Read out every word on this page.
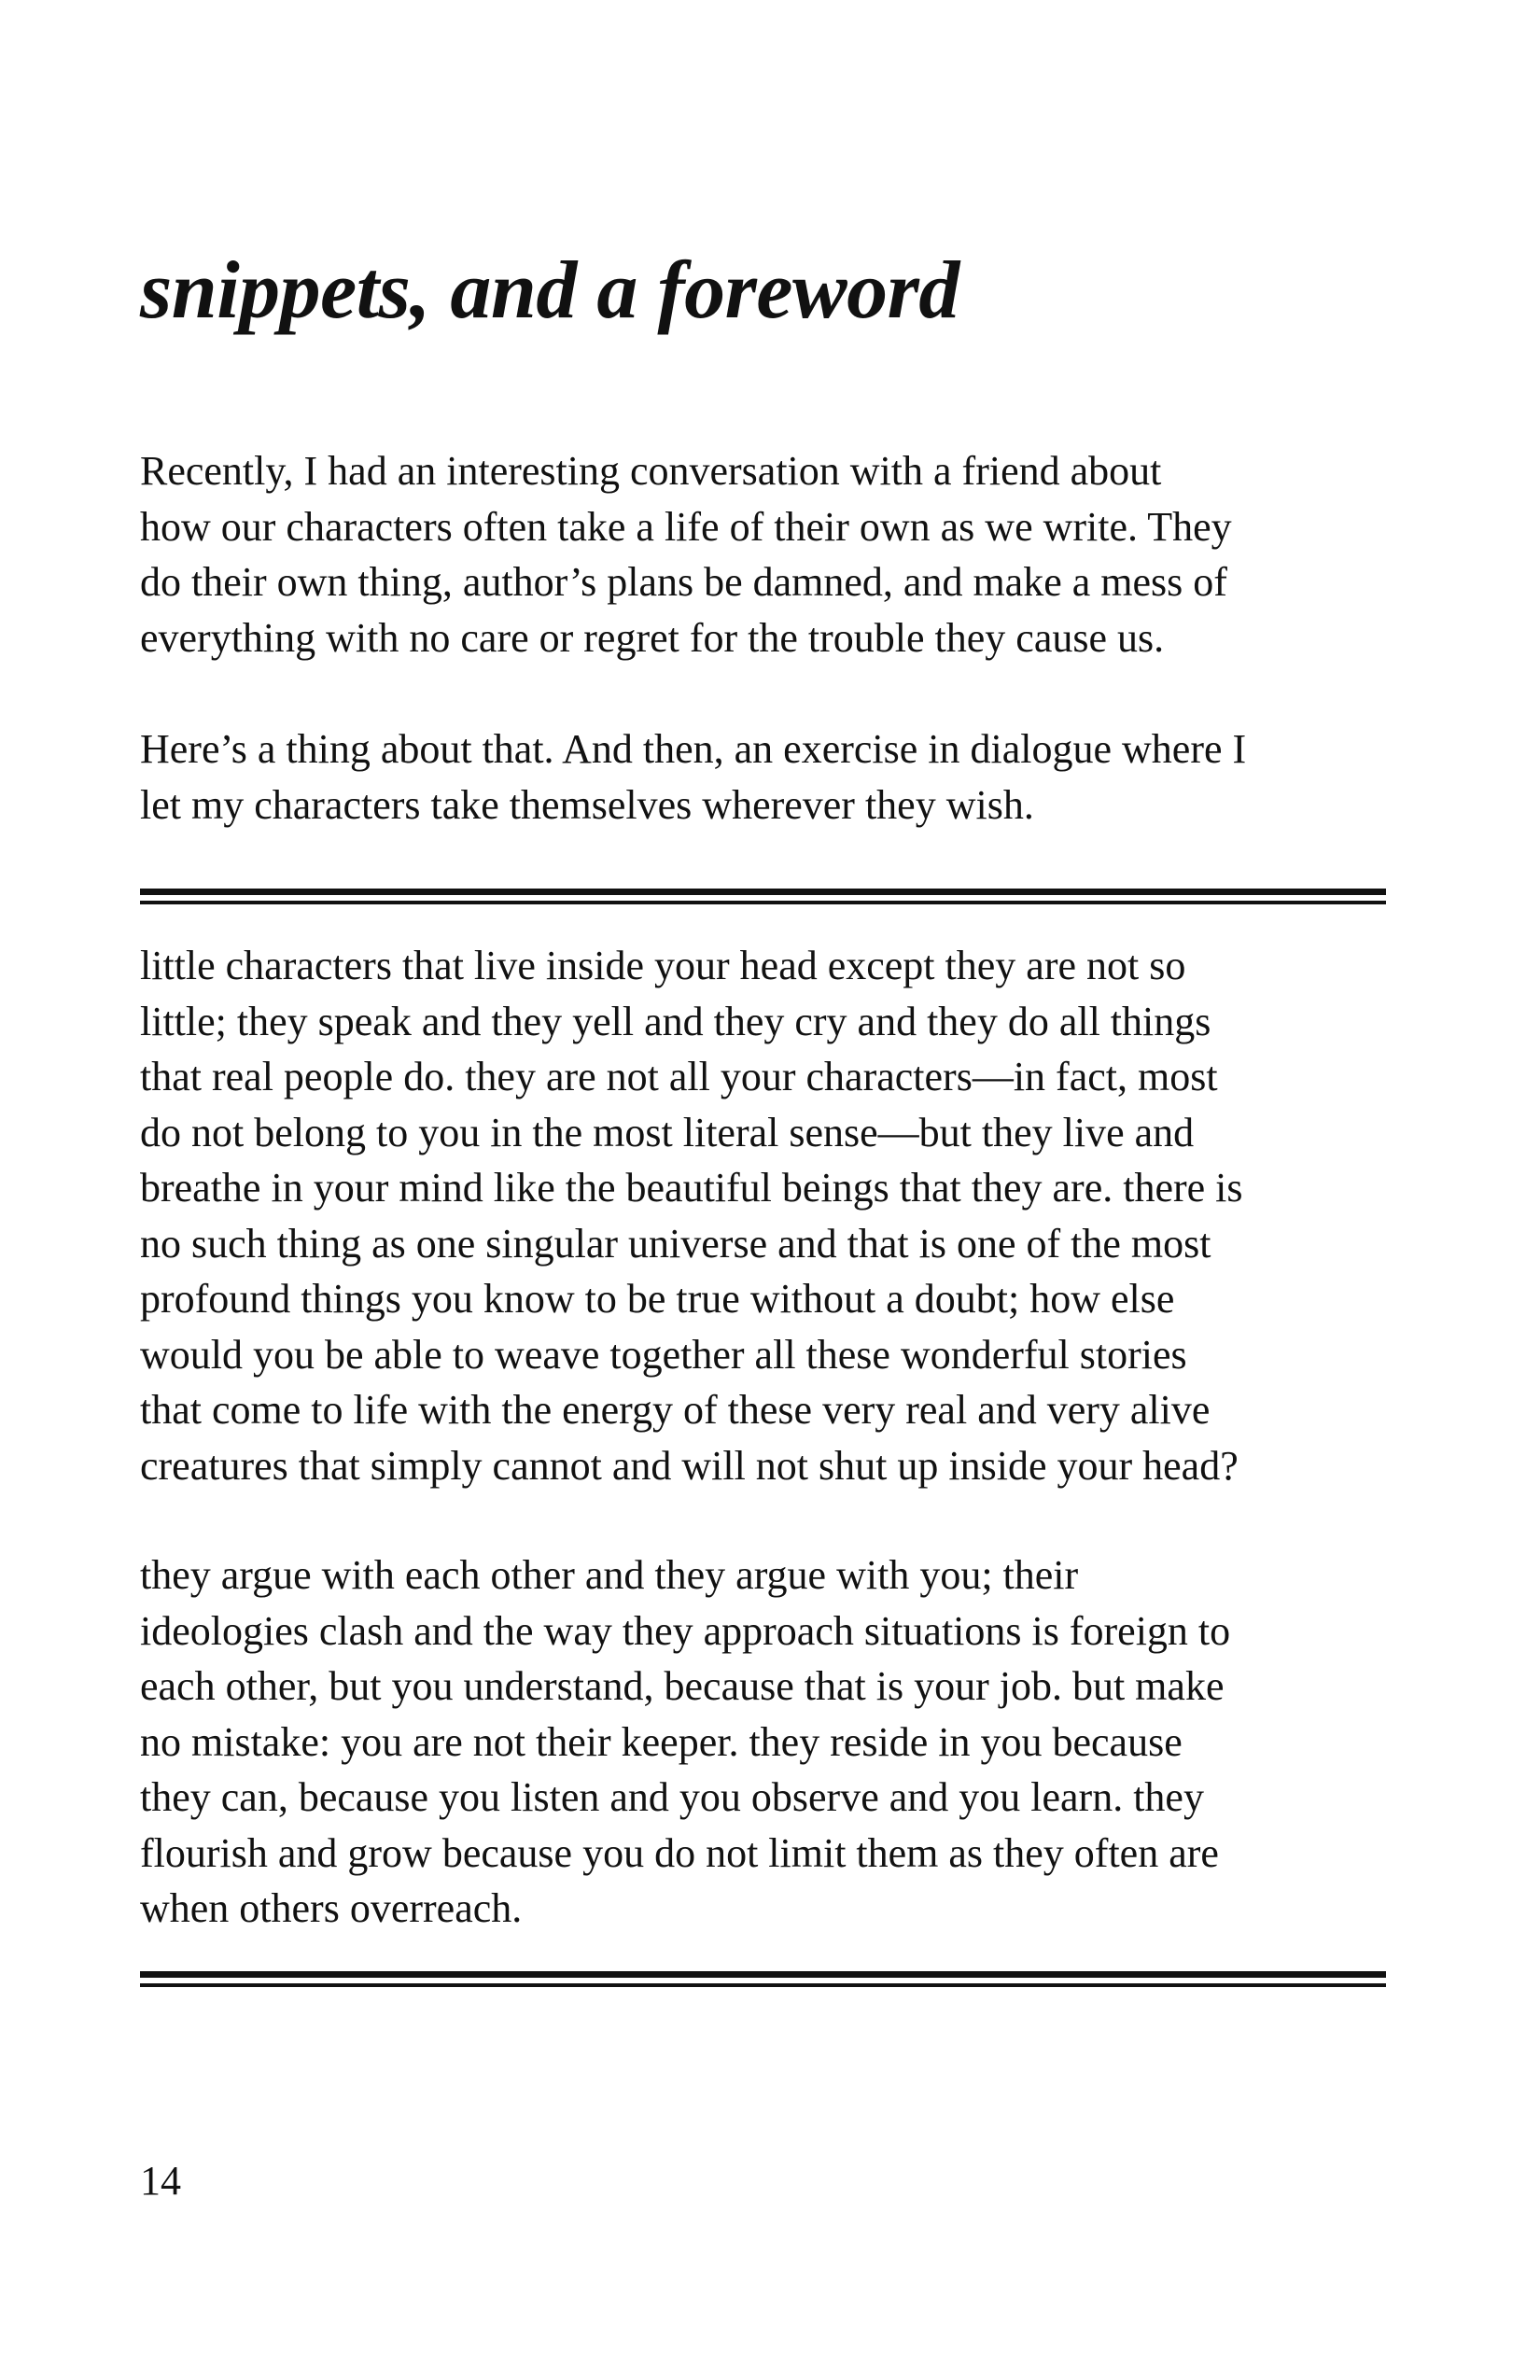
snippets, and a foreword

Recently, I had an interesting conversation with a friend about
how our characters often take a life of their own as we write. They
do their own thing, author’s plans be damned, and make a mess of
everything with no care or regret for the trouble they cause us.

Here’s a thing about that. And then, an exercise in dialogue where I
let my characters take themselves wherever they wish.

little characters that live inside your head except they are not so
little; they speak and they yell and they cry and they do all things
that real people do. they are not all your characters—in fact, most
do not belong to you in the most literal sense—but they live and
breathe in your mind like the beautiful beings that they are. there is
no such thing as one singular universe and that is one of the most
profound things you know to be true without a doubt; how else
would you be able to weave together all these wonderful stories
that come to life with the energy of these very real and very alive
creatures that simply cannot and will not shut up inside your head?

they argue with each other and they argue with you; their
ideologies clash and the way they approach situations is foreign to
each other, but you understand, because that is your job. but make
no mistake: you are not their keeper. they reside in you because
they can, because you listen and you observe and you learn. they
flourish and grow because you do not limit them as they often are
when others overreach.

14
